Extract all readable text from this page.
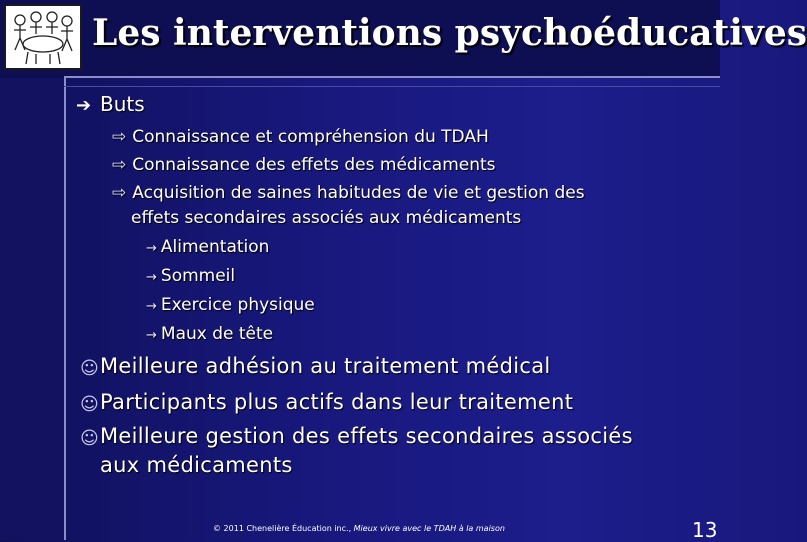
Les interventions psychoéducatives
➔ Buts
⇨ Connaissance et compréhension du TDAH
⇨ Connaissance des effets des médicaments
⇨ Acquisition de saines habitudes de vie et gestion des
effets secondaires associés aux médicaments
→ Alimentation
→ Sommeil
→ Exercice physique
→ Maux de tête
☺ Meilleure adhésion au traitement médical
☺ Participants plus actifs dans leur traitement
☺ Meilleure gestion des effets secondaires associés
aux médicaments
© 2011 Chenelière Éducation inc., Mieux vivre avec le TDAH à la maison	13
